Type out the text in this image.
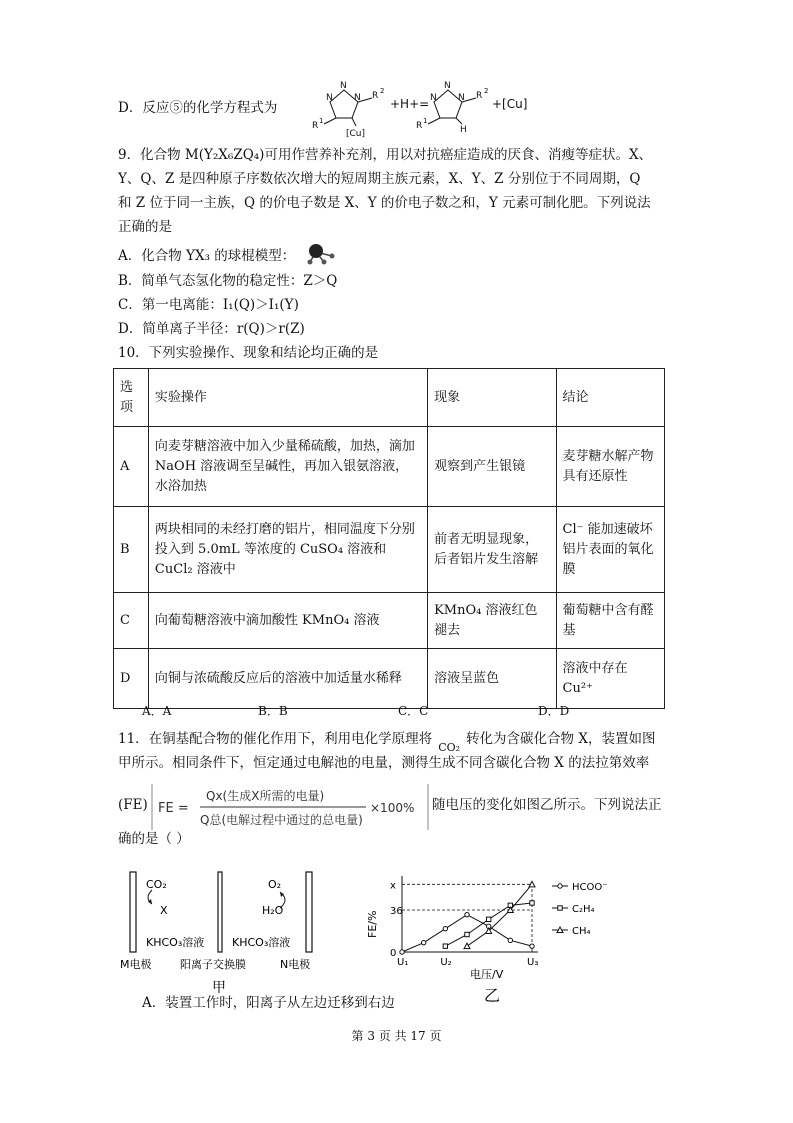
D．反应⑤的化学方程式为
N
N
N R 2
R 1
[Cu]
N
N
N R 2
R 1
H
+H+=	+[Cu]
9．化合物 M(Y₂X₆ZQ₄)可用作营养补充剂，用以对抗癌症造成的厌食、消瘦等症状。X、
Y、Q、Z 是四种原子序数依次增大的短周期主族元素，X、Y、Z 分别位于不同周期，Q
和 Z 位于同一主族，Q 的价电子数是 X、Y 的价电子数之和，Y 元素可制化肥。下列说法
正确的是
A．化合物 YX₃ 的球棍模型：
B．简单气态氢化物的稳定性：Z＞Q
C．第一电离能：I₁(Q)＞I₁(Y)
D．简单离子半径：r(Q)＞r(Z)
10．下列实验操作、现象和结论均正确的是
选项	实验操作	现象	结论
A	向麦芽糖溶液中加入少量稀硫酸，加热，滴加 NaOH 溶液调至呈碱性，再加入银氨溶液，水浴加热	观察到产生银镜	麦芽糖水解产物具有还原性
B	两块相同的未经打磨的铝片，相同温度下分别投入到 5.0mL 等浓度的 CuSO₄ 溶液和 CuCl₂ 溶液中	前者无明显现象，后者铝片发生溶解	Cl⁻ 能加速破坏铝片表面的氧化膜
C	向葡萄糖溶液中滴加酸性 KMnO₄ 溶液	KMnO₄ 溶液红色褪去	葡萄糖中含有醛基
D	向铜与浓硫酸反应后的溶液中加适量水稀释	溶液呈蓝色	溶液中存在 Cu²⁺
A．A	B．B	C．C	D．D
11．在铜基配合物的催化作用下，利用电化学原理将CO₂转化为含碳化合物 X，装置如图
甲所示。相同条件下，恒定通过电解池的电量，测得生成不同含碳化合物 X 的法拉第效率
(FE) FE =
Qx(生成X所需的电量)
Q总(电解过程中通过的总电量)
×100% 随电压的变化如图乙所示。下列说法正
确的是（ ）
CO₂
X
KHCO₃溶液	KHCO₃溶液
O₂
H₂O
M电极	阳离子交换膜	N电极
甲
0
36
x
U₁	U₂	U₃
HCOO⁻
C₂H₄
CH₄
FE/%
电压/V
乙
A．装置工作时，阳离子从左边迁移到右边
第 3 页 共 17 页
